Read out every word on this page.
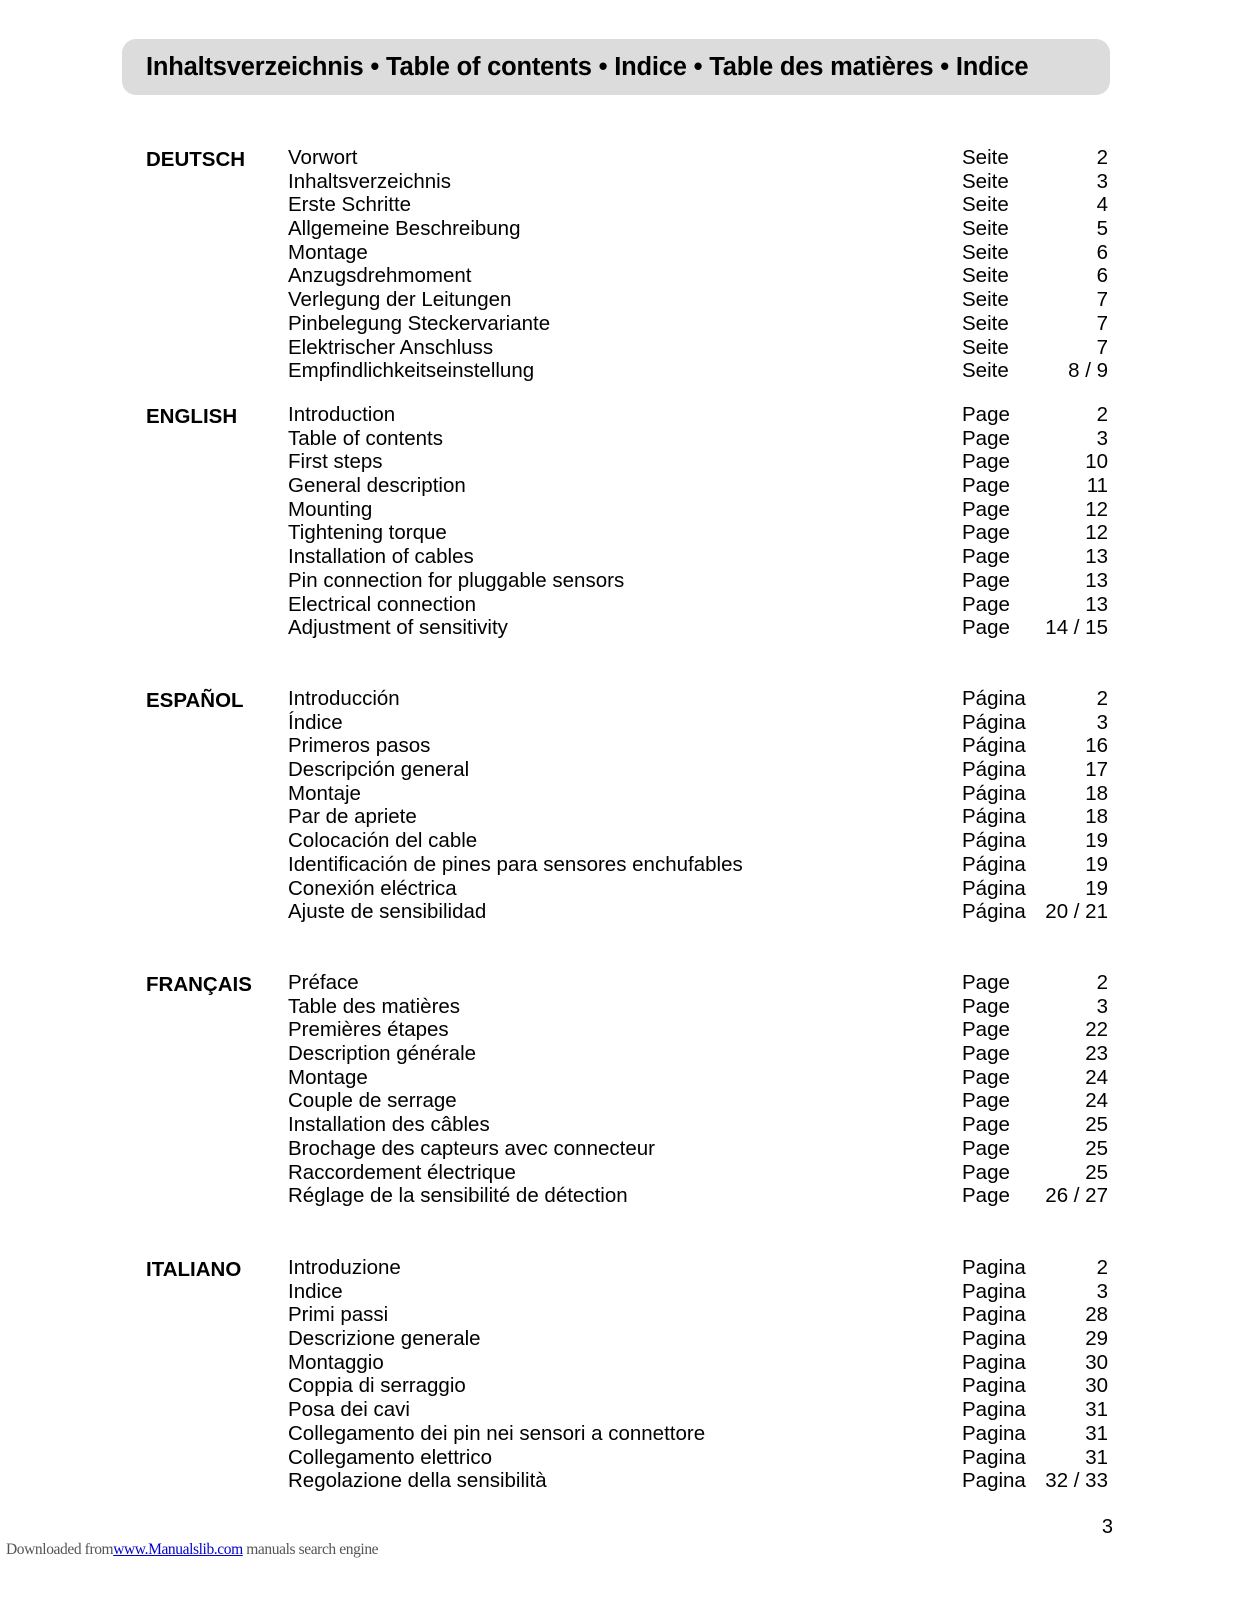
Inhaltsverzeichnis • Table of contents • Indice • Table des matières • Indice
DEUTSCH Vorwort	Seite	2
Inhaltsverzeichnis	Seite	3
Erste Schritte	Seite	4
Allgemeine Beschreibung	Seite	5
Montage	Seite	6
Anzugsdrehmoment	Seite	6
Verlegung der Leitungen	Seite	7
Pinbelegung Steckervariante	Seite	7
Elektrischer Anschluss	Seite	7
Empfindlichkeitseinstellung	Seite	8 / 9
ENGLISH Introduction	Page	2
Table of contents	Page	3
First steps	Page	10
General description	Page	11
Mounting	Page	12
Tightening torque	Page	12
Installation of cables	Page	13
Pin connection for pluggable sensors	Page	13
Electrical connection	Page	13
Adjustment of sensitivity	Page 14 / 15
ESPAÑOL Introducción	Página	2
Índice	Página	3
Primeros pasos	Página	16
Descripción general	Página	17
Montaje	Página	18
Par de apriete	Página	18
Colocación del cable	Página	19
Identificación de pines para sensores enchufables	Página	19
Conexión eléctrica	Página	19
Ajuste de sensibilidad	Página 20 / 21
FRANÇAIS Préface	Page	2
Table des matières	Page	3
Premières étapes	Page	22
Description générale	Page	23
Montage	Page	24
Couple de serrage	Page	24
Installation des câbles	Page	25
Brochage des capteurs avec connecteur	Page	25
Raccordement électrique	Page	25
Réglage de la sensibilité de détection	Page 26 / 27
ITALIANO Introduzione	Pagina	2
Indice	Pagina	3
Primi passi	Pagina	28
Descrizione generale	Pagina	29
Montaggio	Pagina	30
Coppia di serraggio	Pagina	30
Posa dei cavi	Pagina	31
Collegamento dei pin nei sensori a connettore	Pagina	31
Collegamento elettrico	Pagina	31
Regolazione della sensibilità	Pagina 32 / 33
3
Downloaded fromwww.Manualslib.com manuals search engine
